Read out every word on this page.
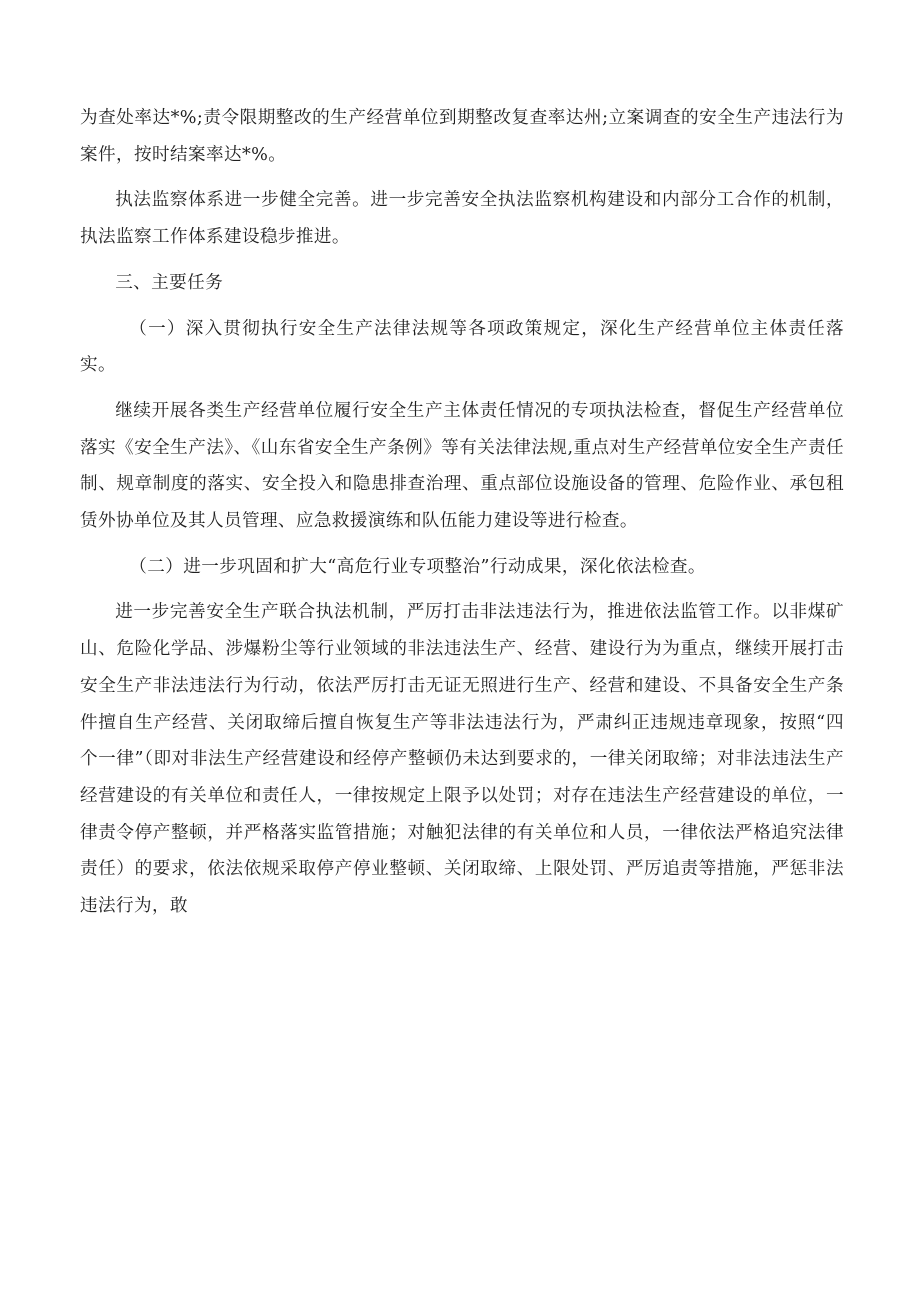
为查处率达*%;责令限期整改的生产经营单位到期整改复查率达州;立案调查的安全生产违法行为案件，按时结案率达*%。

执法监察体系进一步健全完善。进一步完善安全执法监察机构建设和内部分工合作的机制，执法监察工作体系建设稳步推进。

三、主要任务

（一）深入贯彻执行安全生产法律法规等各项政策规定，深化生产经营单位主体责任落实。

继续开展各类生产经营单位履行安全生产主体责任情况的专项执法检查，督促生产经营单位落实《安全生产法》、《山东省安全生产条例》等有关法律法规,重点对生产经营单位安全生产责任制、规章制度的落实、安全投入和隐患排查治理、重点部位设施设备的管理、危险作业、承包租赁外协单位及其人员管理、应急救援演练和队伍能力建设等进行检查。

（二）进一步巩固和扩大“高危行业专项整治”行动成果，深化依法检查。

进一步完善安全生产联合执法机制，严厉打击非法违法行为，推进依法监管工作。以非煤矿山、危险化学品、涉爆粉尘等行业领域的非法违法生产、经营、建设行为为重点，继续开展打击安全生产非法违法行为行动，依法严厉打击无证无照进行生产、经营和建设、不具备安全生产条件擅自生产经营、关闭取缔后擅自恢复生产等非法违法行为，严肃纠正违规违章现象，按照“四个一律”（即对非法生产经营建设和经停产整顿仍未达到要求的，一律关闭取缔；对非法违法生产经营建设的有关单位和责任人，一律按规定上限予以处罚；对存在违法生产经营建设的单位，一律责令停产整顿，并严格落实监管措施；对触犯法律的有关单位和人员，一律依法严格追究法律责任）的要求，依法依规采取停产停业整顿、关闭取缔、上限处罚、严厉追责等措施，严惩非法违法行为，敢
